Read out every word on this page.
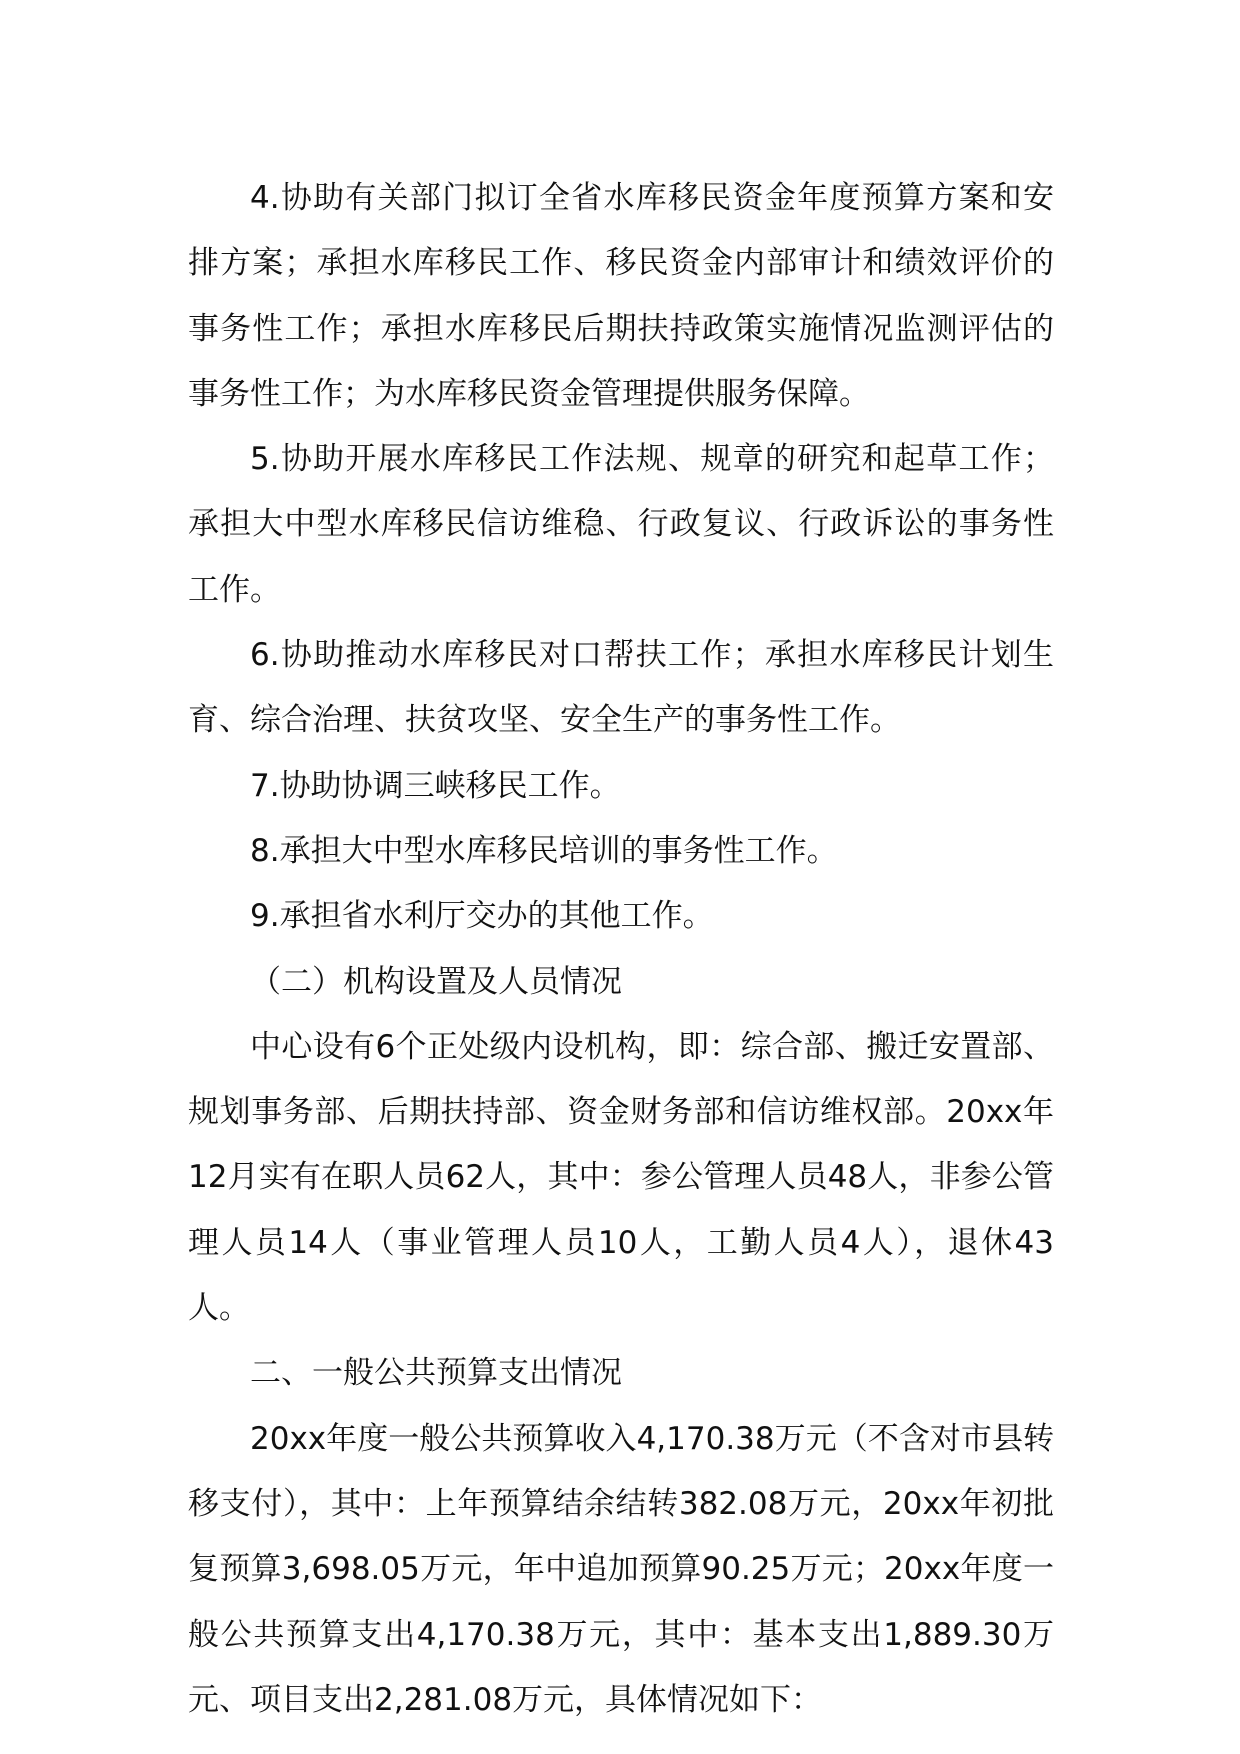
4.协助有关部门拟订全省水库移民资金年度预算方案和安排方案；承担水库移民工作、移民资金内部审计和绩效评价的事务性工作；承担水库移民后期扶持政策实施情况监测评估的事务性工作；为水库移民资金管理提供服务保障。

5.协助开展水库移民工作法规、规章的研究和起草工作；承担大中型水库移民信访维稳、行政复议、行政诉讼的事务性工作。

6.协助推动水库移民对口帮扶工作；承担水库移民计划生育、综合治理、扶贫攻坚、安全生产的事务性工作。

7.协助协调三峡移民工作。

8.承担大中型水库移民培训的事务性工作。

9.承担省水利厅交办的其他工作。

（二）机构设置及人员情况

中心设有6个正处级内设机构，即：综合部、搬迁安置部、规划事务部、后期扶持部、资金财务部和信访维权部。20xx年12月实有在职人员62人，其中：参公管理人员48人，非参公管理人员14人（事业管理人员10人，工勤人员4人），退休43人。

二、一般公共预算支出情况

20xx年度一般公共预算收入4,170.38万元（不含对市县转移支付），其中：上年预算结余结转382.08万元，20xx年初批复预算3,698.05万元，年中追加预算90.25万元；20xx年度一般公共预算支出4,170.38万元，其中：基本支出1,889.30万元、项目支出2,281.08万元，具体情况如下：
